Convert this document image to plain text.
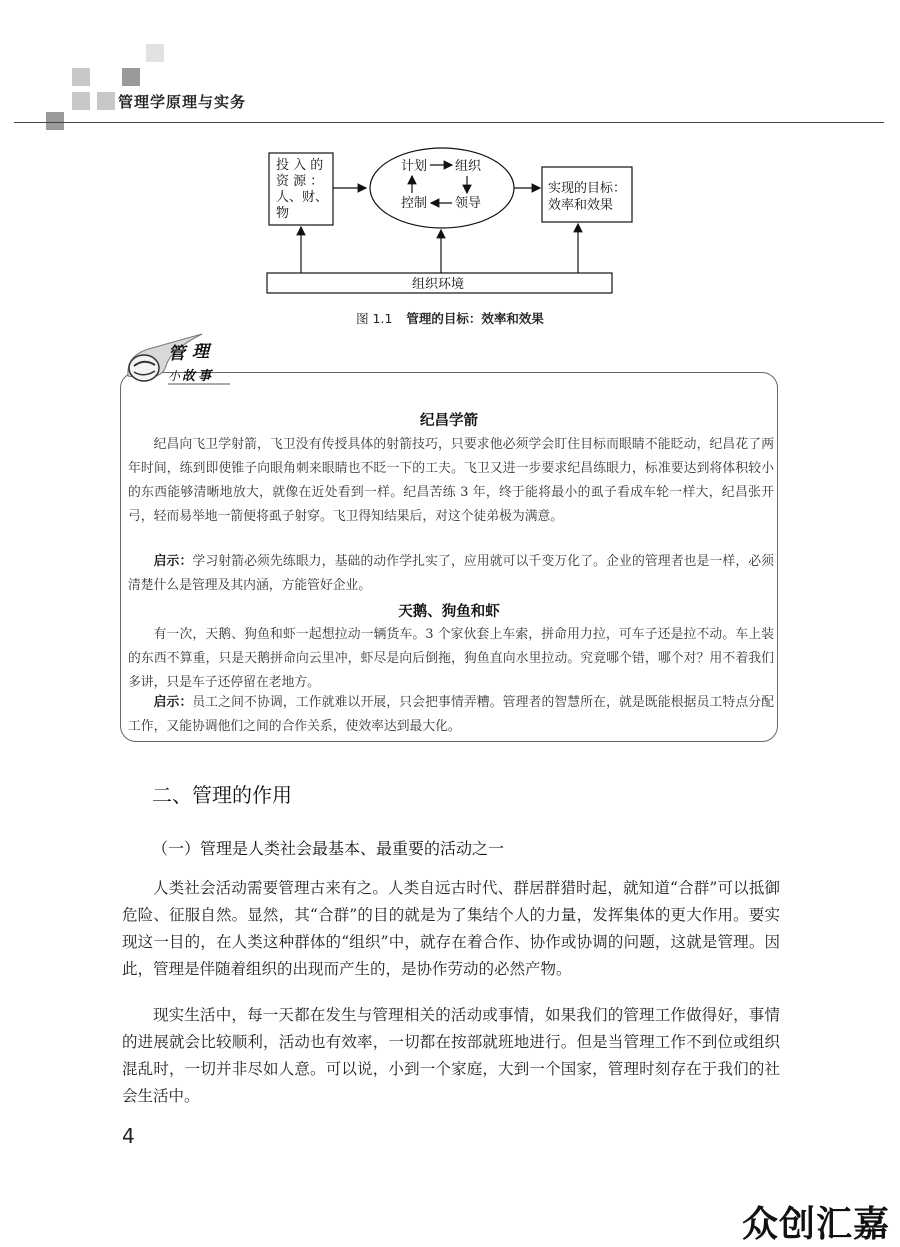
管理学原理与实务
投 入 的
资 源 ：
人、财、
物
计划 组织
控制 领导
实现的目标：
效率和效果
组织环境
图 1.1 管理的目标：效率和效果
管 理
小 故 事
纪昌学箭

纪昌向飞卫学射箭，飞卫没有传授具体的射箭技巧，只要求他必须学会盯住目标而眼睛不能眨动，纪昌花了两年时间，练到即使锥子向眼角刺来眼睛也不眨一下的工夫。飞卫又进一步要求纪昌练眼力，标准要达到将体积较小的东西能够清晰地放大，就像在近处看到一样。纪昌苦练 3 年，终于能将最小的虱子看成车轮一样大，纪昌张开弓，轻而易举地一箭便将虱子射穿。飞卫得知结果后，对这个徒弟极为满意。

启示：学习射箭必须先练眼力，基础的动作学扎实了，应用就可以千变万化了。企业的管理者也是一样，必须清楚什么是管理及其内涵，方能管好企业。

天鹅、狗鱼和虾

有一次，天鹅、狗鱼和虾一起想拉动一辆货车。3 个家伙套上车索，拼命用力拉，可车子还是拉不动。车上装的东西不算重，只是天鹅拼命向云里冲，虾尽是向后倒拖，狗鱼直向水里拉动。究竟哪个错，哪个对？用不着我们多讲，只是车子还停留在老地方。

启示：员工之间不协调，工作就难以开展，只会把事情弄糟。管理者的智慧所在，就是既能根据员工特点分配工作，又能协调他们之间的合作关系，使效率达到最大化。

二、管理的作用
（一）管理是人类社会最基本、最重要的活动之一

人类社会活动需要管理古来有之。人类自远古时代、群居群猎时起，就知道“合群”可以抵御危险、征服自然。显然，其“合群”的目的就是为了集结个人的力量，发挥集体的更大作用。要实现这一目的，在人类这种群体的“组织”中，就存在着合作、协作或协调的问题，这就是管理。因此，管理是伴随着组织的出现而产生的，是协作劳动的必然产物。

现实生活中，每一天都在发生与管理相关的活动或事情，如果我们的管理工作做得好，事情的进展就会比较顺利，活动也有效率，一切都在按部就班地进行。但是当管理工作不到位或组织混乱时，一切并非尽如人意。可以说，小到一个家庭，大到一个国家，管理时刻存在于我们的社会生活中。

4
众创汇嘉
